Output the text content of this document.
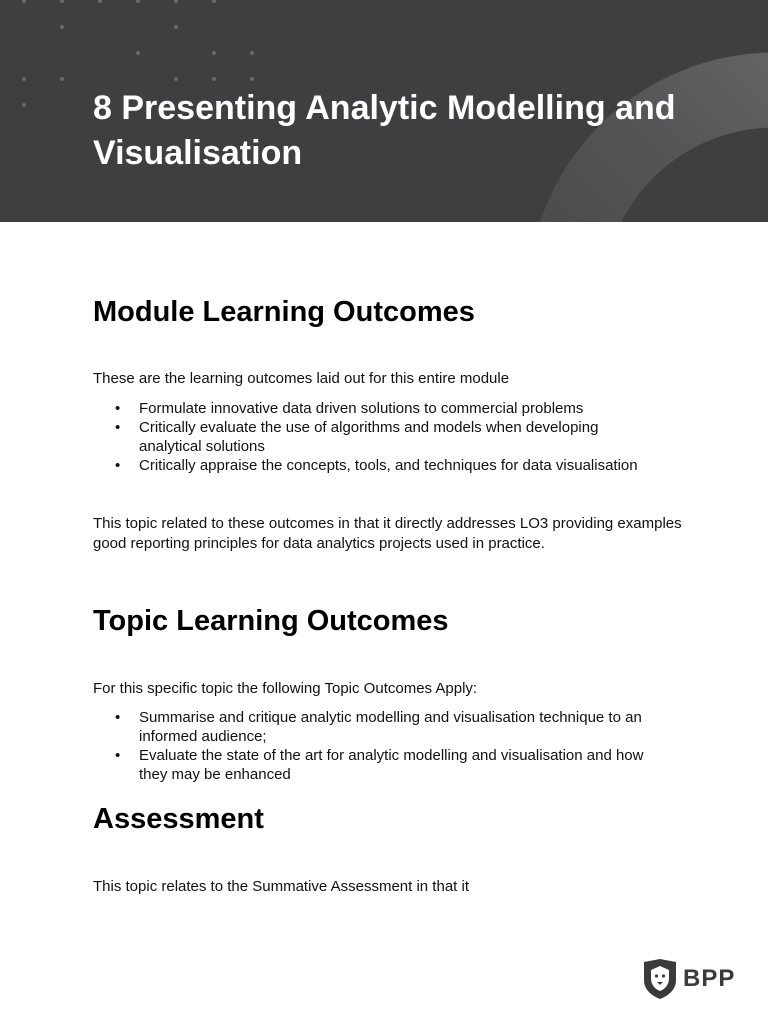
8 Presenting Analytic Modelling and Visualisation
Module Learning Outcomes

These are the learning outcomes laid out for this entire module

• Formulate innovative data driven solutions to commercial problems
• Critically evaluate the use of algorithms and models when developing analytical solutions
• Critically appraise the concepts, tools, and techniques for data visualisation

This topic related to these outcomes in that it directly addresses LO3 providing examples good reporting principles for data analytics projects used in practice.

Topic Learning Outcomes

For this specific topic the following Topic Outcomes Apply:

• Summarise and critique analytic modelling and visualisation technique to an informed audience;
• Evaluate the state of the art for analytic modelling and visualisation and how they may be enhanced
Assessment

This topic relates to the Summative Assessment in that it

BPP
